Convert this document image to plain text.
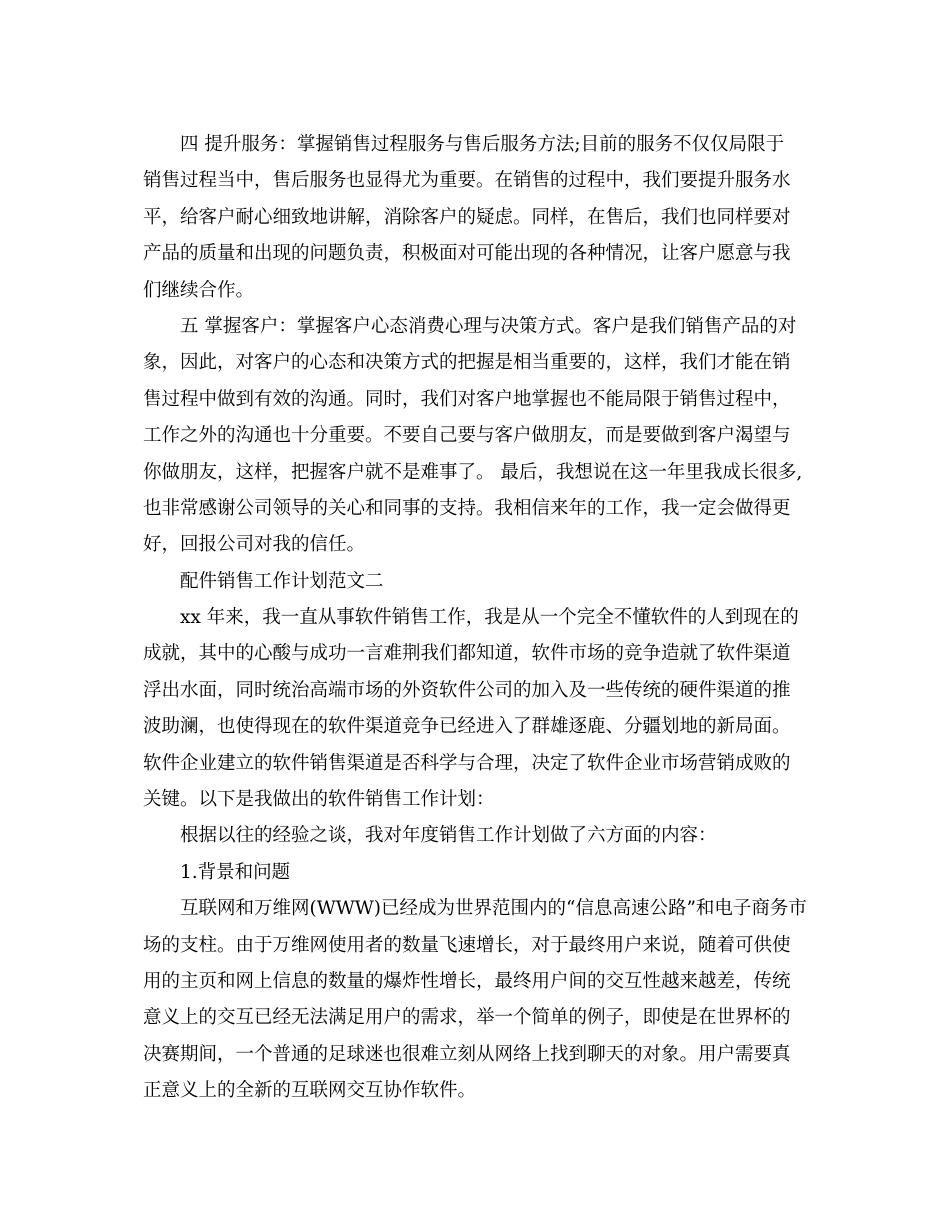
四 提升服务：掌握销售过程服务与售后服务方法;目前的服务不仅仅局限于
销售过程当中，售后服务也显得尤为重要。在销售的过程中，我们要提升服务水
平，给客户耐心细致地讲解，消除客户的疑虑。同样，在售后，我们也同样要对
产品的质量和出现的问题负责，积极面对可能出现的各种情况，让客户愿意与我
们继续合作。
五 掌握客户：掌握客户心态消费心理与决策方式。客户是我们销售产品的对
象，因此，对客户的心态和决策方式的把握是相当重要的，这样，我们才能在销
售过程中做到有效的沟通。同时，我们对客户地掌握也不能局限于销售过程中，
工作之外的沟通也十分重要。不要自己要与客户做朋友，而是要做到客户渴望与
你做朋友，这样，把握客户就不是难事了。 最后，我想说在这一年里我成长很多,
也非常感谢公司领导的关心和同事的支持。我相信来年的工作，我一定会做得更
好，回报公司对我的信任。
配件销售工作计划范文二
xx 年来，我一直从事软件销售工作，我是从一个完全不懂软件的人到现在的
成就，其中的心酸与成功一言难荆我们都知道，软件市场的竞争造就了软件渠道
浮出水面，同时统治高端市场的外资软件公司的加入及一些传统的硬件渠道的推
波助澜，也使得现在的软件渠道竞争已经进入了群雄逐鹿、分疆划地的新局面。
软件企业建立的软件销售渠道是否科学与合理，决定了软件企业市场营销成败的
关键。以下是我做出的软件销售工作计划：
根据以往的经验之谈，我对年度销售工作计划做了六方面的内容：
1.背景和问题
互联网和万维网(WWW)已经成为世界范围内的“信息高速公路”和电子商务市
场的支柱。由于万维网使用者的数量飞速增长，对于最终用户来说，随着可供使
用的主页和网上信息的数量的爆炸性增长，最终用户间的交互性越来越差，传统
意义上的交互已经无法满足用户的需求，举一个简单的例子，即使是在世界杯的
决赛期间，一个普通的足球迷也很难立刻从网络上找到聊天的对象。用户需要真
正意义上的全新的互联网交互协作软件。
